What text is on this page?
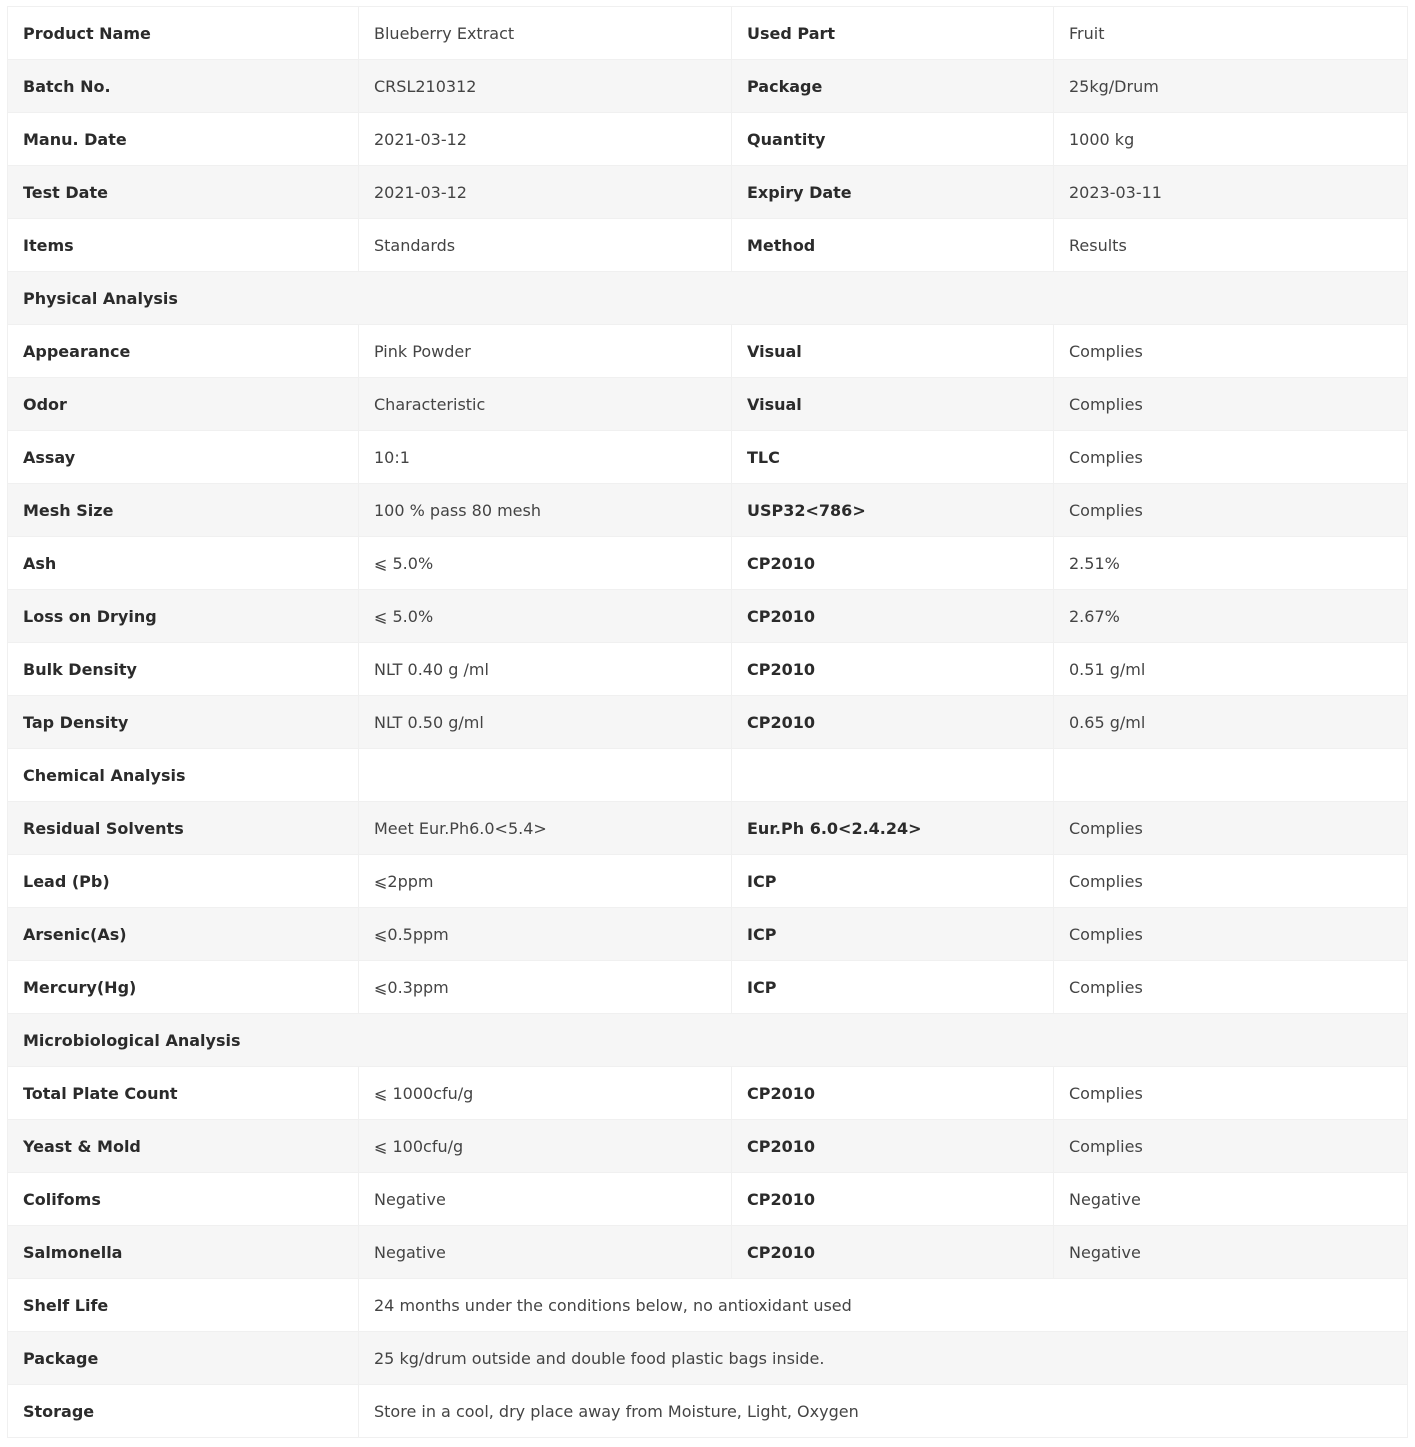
Product Name	Blueberry Extract	Used Part	Fruit
Batch No.	CRSL210312	Package	25kg/Drum
Manu. Date	2021-03-12	Quantity	1000 kg
Test Date	2021-03-12	Expiry Date	2023-03-11
Items	Standards	Method	Results
Physical Analysis			
Appearance	Pink Powder	Visual	Complies
Odor	Characteristic	Visual	Complies
Assay	10:1	TLC	Complies
Mesh Size	100 % pass 80 mesh	USP32<786>	Complies
Ash	⩽ 5.0%	CP2010	2.51%
Loss on Drying	⩽ 5.0%	CP2010	2.67%
Bulk Density	NLT 0.40 g /ml	CP2010	0.51 g/ml
Tap Density	NLT 0.50 g/ml	CP2010	0.65 g/ml
Chemical Analysis			
Residual Solvents	Meet Eur.Ph6.0<5.4>	Eur.Ph 6.0<2.4.24>	Complies
Lead (Pb)	⩽2ppm	ICP	Complies
Arsenic(As)	⩽0.5ppm	ICP	Complies
Mercury(Hg)	⩽0.3ppm	ICP	Complies
Microbiological Analysis			
Total Plate Count	⩽ 1000cfu/g	CP2010	Complies
Yeast & Mold	⩽ 100cfu/g	CP2010	Complies
Colifoms	Negative	CP2010	Negative
Salmonella	Negative	CP2010	Negative
Shelf Life	24 months under the conditions below, no antioxidant used		
Package	25 kg/drum outside and double food plastic bags inside.		
Storage	Store in a cool, dry place away from Moisture, Light, Oxygen		
